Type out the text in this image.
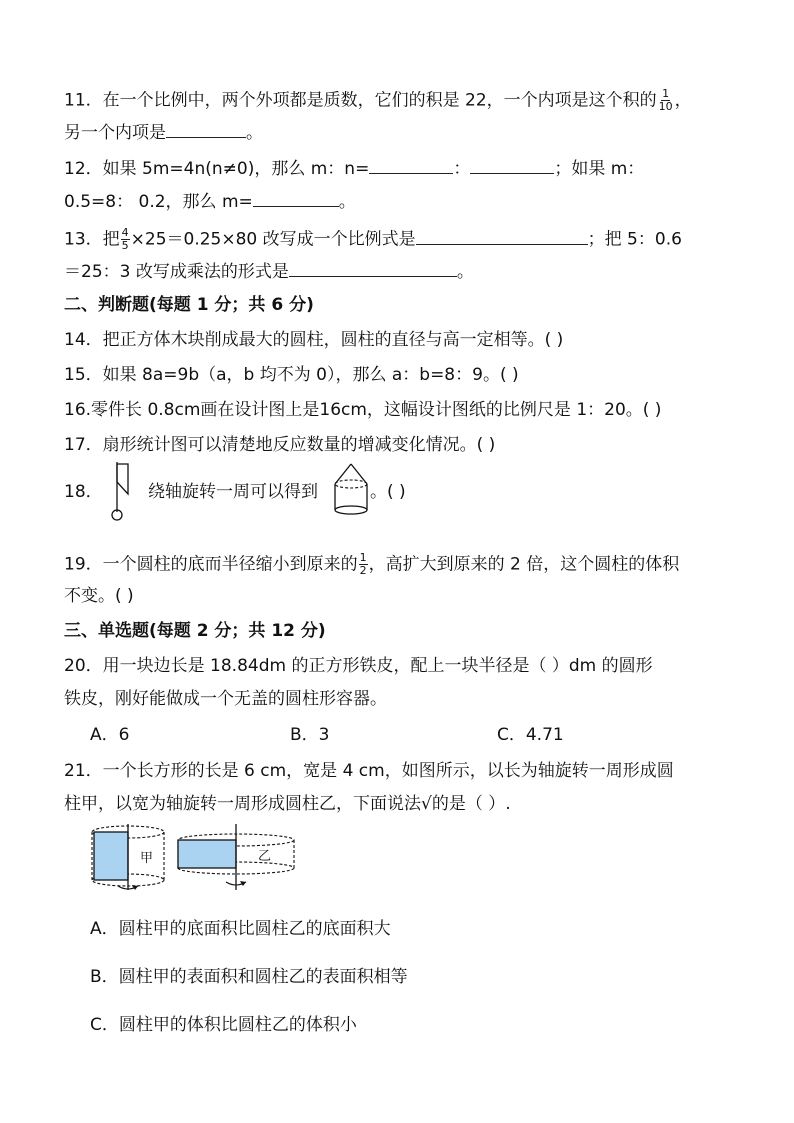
11．在一个比例中，两个外项都是质数，它们的积是 22，一个内项是这个积的 $\frac{1}{10}$ ，
另一个内项是	。
12．如果 5m=4n(n≠0)，那么 m：n=	：	；如果 m：
0.5=8： 0.2，那么 m=	。
13．把 $\frac{4}{5} \times 25=0.25\times 80$ 改写成一个比例式是	；把 5：0.6
＝25：3 改写成乘法的形式是	。
二、判断题(每题 1 分；共 6 分)
14．把正方体木块削成最大的圆柱，圆柱的直径与高一定相等。( )
15．如果 8a=9b（a，b 均不为 0），那么 a：b=8：9。( )
16.零件长 0.8cm画在设计图上是16cm，这幅设计图纸的比例尺是 1：20。( )
17．扇形统计图可以清楚地反应数量的增减变化情况。( )
18．	绕轴旋转一周可以得到	。( )
19．一个圆柱的底而半径缩小到原来的 $\frac{1}{2}$ ，高扩大到原来的 2 倍，这个圆柱的体积
不变。( )
三、单选题(每题 2 分；共 12 分)
20．用一块边长是 18.84dm 的正方形铁皮，配上一块半径是（ ）dm 的圆形
铁皮，刚好能做成一个无盖的圆柱形容器。
A．6	B．3	C．4.71
21．一个长方形的长是 6 cm，宽是 4 cm，如图所示，以长为轴旋转一周形成圆
柱甲，以宽为轴旋转一周形成圆柱乙，下面说法√的是（ ）.
甲	乙
A．圆柱甲的底面积比圆柱乙的底面积大
B．圆柱甲的表面积和圆柱乙的表面积相等
C．圆柱甲的体积比圆柱乙的体积小
